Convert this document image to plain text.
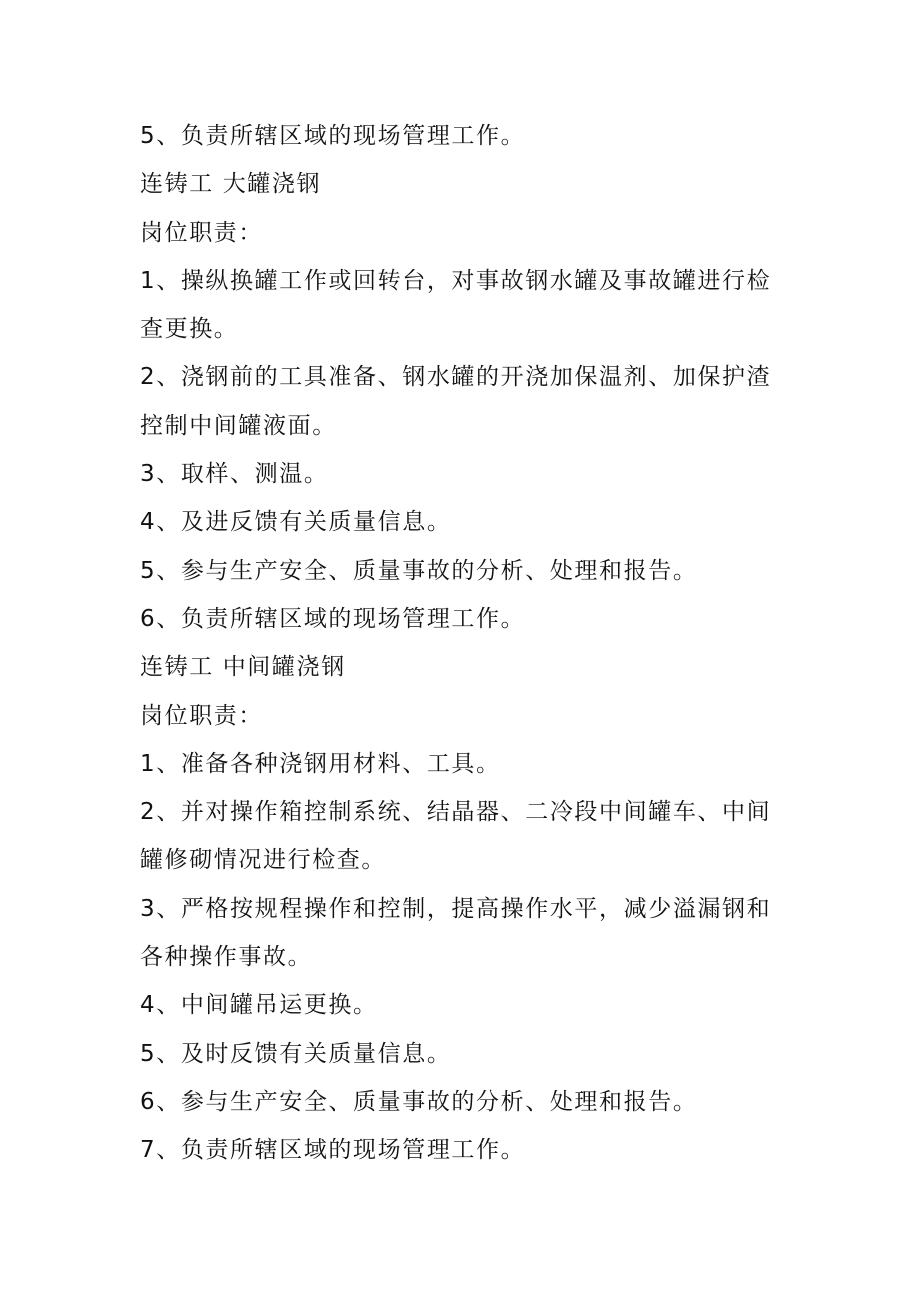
5、负责所辖区域的现场管理工作。
连铸工 大罐浇钢
岗位职责：
1、操纵换罐工作或回转台，对事故钢水罐及事故罐进行检
查更换。
2、浇钢前的工具准备、钢水罐的开浇加保温剂、加保护渣
控制中间罐液面。
3、取样、测温。
4、及进反馈有关质量信息。
5、参与生产安全、质量事故的分析、处理和报告。
6、负责所辖区域的现场管理工作。
连铸工 中间罐浇钢
岗位职责：
1、准备各种浇钢用材料、工具。
2、并对操作箱控制系统、结晶器、二冷段中间罐车、中间
罐修砌情况进行检查。
3、严格按规程操作和控制，提高操作水平，减少溢漏钢和
各种操作事故。
4、中间罐吊运更换。
5、及时反馈有关质量信息。
6、参与生产安全、质量事故的分析、处理和报告。
7、负责所辖区域的现场管理工作。
